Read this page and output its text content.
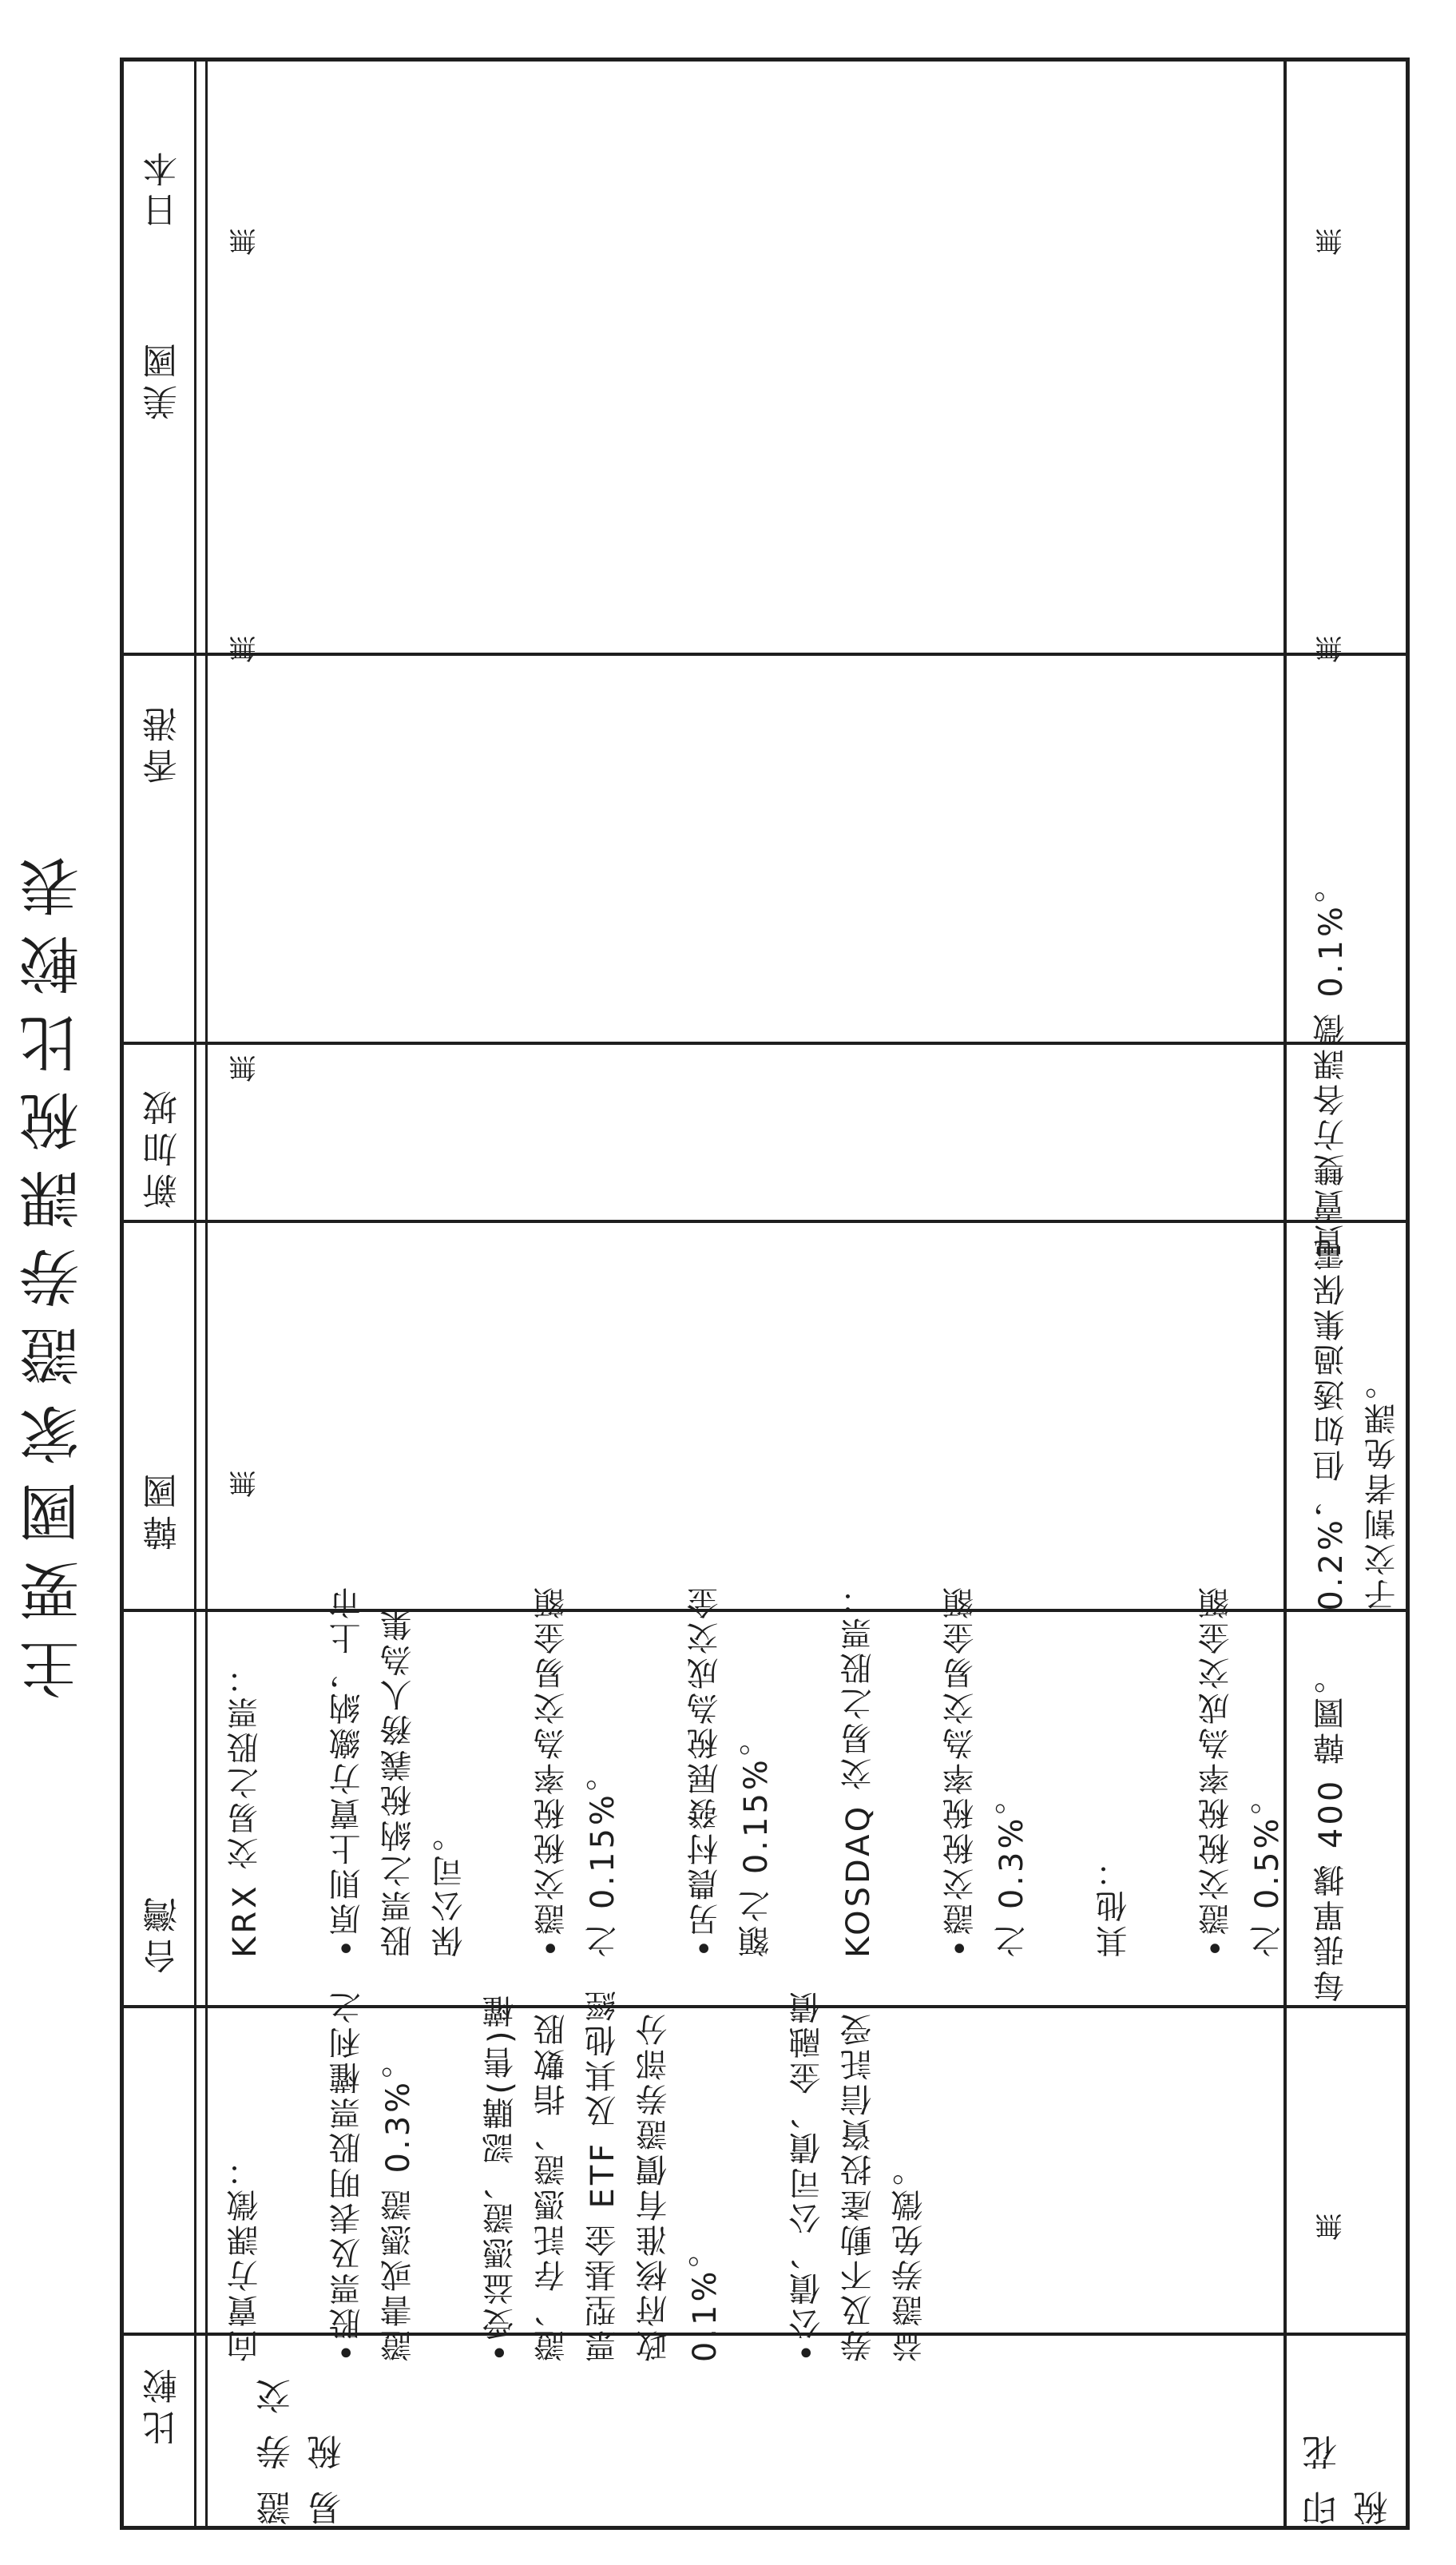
主要國家證券課稅比較表
比較
台灣
韓國
新加坡
香港
美國
日本
證券交易稅
向賣方課徵：

•股票及表明股票權利之
證書或憑證 0.3%。

•受益憑證、認購(售)權
證、存託憑證、指數股
票型基金 ETF 及其他經
政府核准有價證券部分
0.1%。

•公債、公司債、金融債
券及不動產投資信託受
益證券免徵。
KRX 交易之股票：

•原則上賣方繳納，上市
股票之納稅義務人為集
保公司。

•證交稅稅率為交易金額
之 0.15%。

•另農村發展稅為成交金
額之 0.15%。

KOSDAQ 交易之股票：

•證交稅稅率為交易金額
之 0.3%。

其他：

•證交稅稅率為成交金額
之 0.5%。
無
無
無
無
印花稅
無
每張單據 400 韓圜。
0.2%，但如透過集保電
子交割者免課。
買賣雙方各課徵 0.1%。
無
無
